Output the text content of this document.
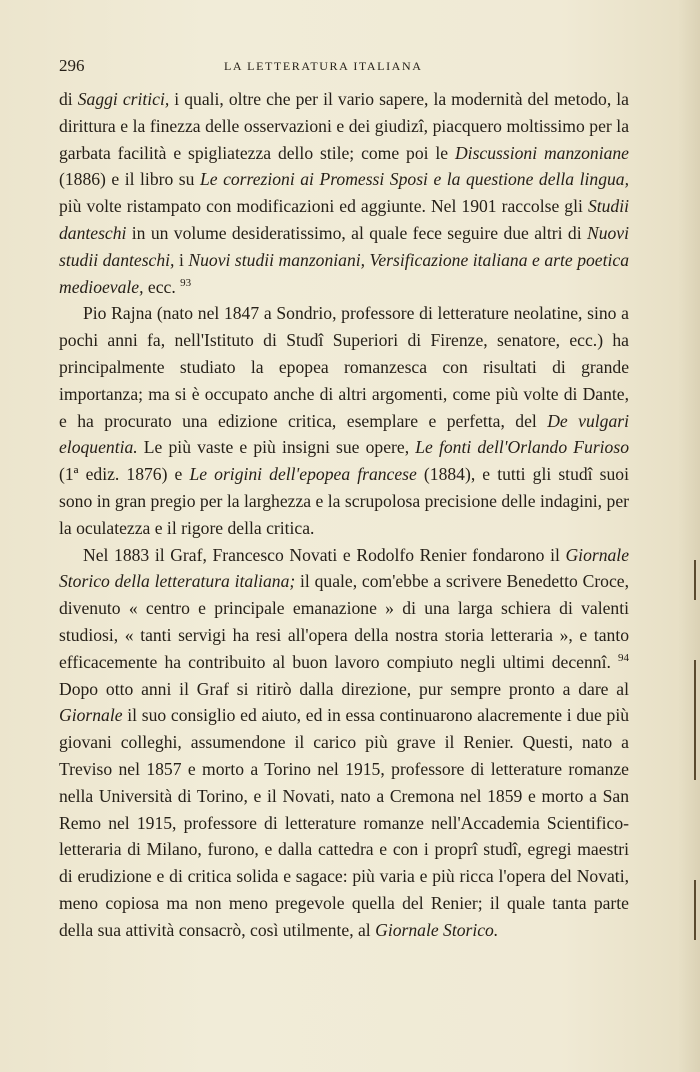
296	LA LETTERATURA ITALIANA

di Saggi critici, i quali, oltre che per il vario sapere, la modernità del metodo, la dirittura e la finezza delle osservazioni e dei giudizî, piacquero moltissimo per la garbata facilità e spigliatezza dello stile; come poi le Discussioni manzoniane (1886) e il libro su Le correzioni ai Promessi Sposi e la questione della lingua, più volte ristampato con modificazioni ed aggiunte. Nel 1901 raccolse gli Studii danteschi in un volume desideratissimo, al quale fece seguire due altri di Nuovi studii danteschi, i Nuovi studii manzoniani, Versificazione italiana e arte poetica medioevale, ecc. $^{93}$

Pio Rajna (nato nel 1847 a Sondrio, professore di letterature neolatine, sino a pochi anni fa, nell'Istituto di Studî Superiori di Firenze, senatore, ecc.) ha principalmente studiato la epopea romanzesca con risultati di grande importanza; ma si è occupato anche di altri argomenti, come più volte di Dante, e ha procurato una edizione critica, esemplare e perfetta, del De vulgari eloquentia. Le più vaste e più insigni sue opere, Le fonti dell'Orlando Furioso (1ª ediz. 1876) e Le origini dell'epopea francese (1884), e tutti gli studî suoi sono in gran pregio per la larghezza e la scrupolosa precisione delle indagini, per la oculatezza e il rigore della critica.

Nel 1883 il Graf, Francesco Novati e Rodolfo Renier fondarono il Giornale Storico della letteratura italiana; il quale, com'ebbe a scrivere Benedetto Croce, divenuto « centro e principale emanazione » di una larga schiera di valenti studiosi, « tanti servigi ha resi all'opera della nostra storia letteraria », e tanto efficacemente ha contribuito al buon lavoro compiuto negli ultimi decennî. $^{94}$ Dopo otto anni il Graf si ritirò dalla direzione, pur sempre pronto a dare al Giornale il suo consiglio ed aiuto, ed in essa continuarono alacremente i due più giovani colleghi, assumendone il carico più grave il Renier. Questi, nato a Treviso nel 1857 e morto a Torino nel 1915, professore di letterature romanze nella Università di Torino, e il Novati, nato a Cremona nel 1859 e morto a San Remo nel 1915, professore di letterature romanze nell'Accademia Scientifico-letteraria di Milano, furono, e dalla cattedra e con i proprî studî, egregi maestri di erudizione e di critica solida e sagace: più varia e più ricca l'opera del Novati, meno copiosa ma non meno pregevole quella del Renier; il quale tanta parte della sua attività consacrò, così utilmente, al Giornale Storico.
